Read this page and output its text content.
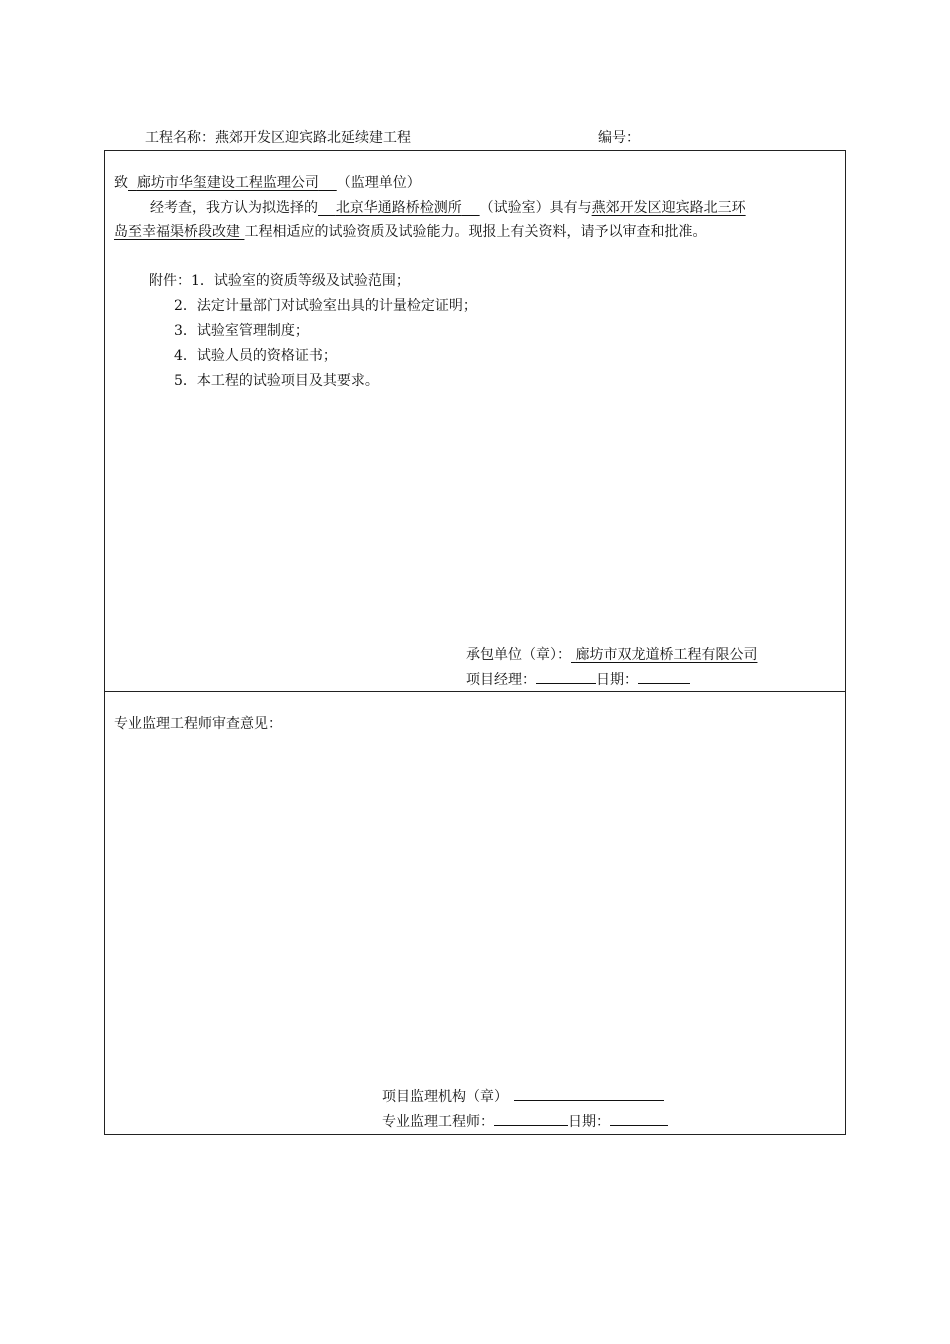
工程名称：燕郊开发区迎宾路北延续建工程	编号：
致 廊坊市华玺建设工程监理公司 （监理单位）
经考查，我方认为拟选择的 北京华通路桥检测所 （试验室）具有与燕郊开发区迎宾路北三环
岛至幸福渠桥段改建 工程相适应的试验资质及试验能力。现报上有关资料，请予以审查和批准。
附件：1．试验室的资质等级及试验范围；
2．法定计量部门对试验室出具的计量检定证明；
3．试验室管理制度；
4．试验人员的资格证书；
5．本工程的试验项目及其要求。
承包单位（章）： 廊坊市双龙道桥工程有限公司
项目经理：	日期：
专业监理工程师审查意见：
项目监理机构（章）
专业监理工程师：	日期：
